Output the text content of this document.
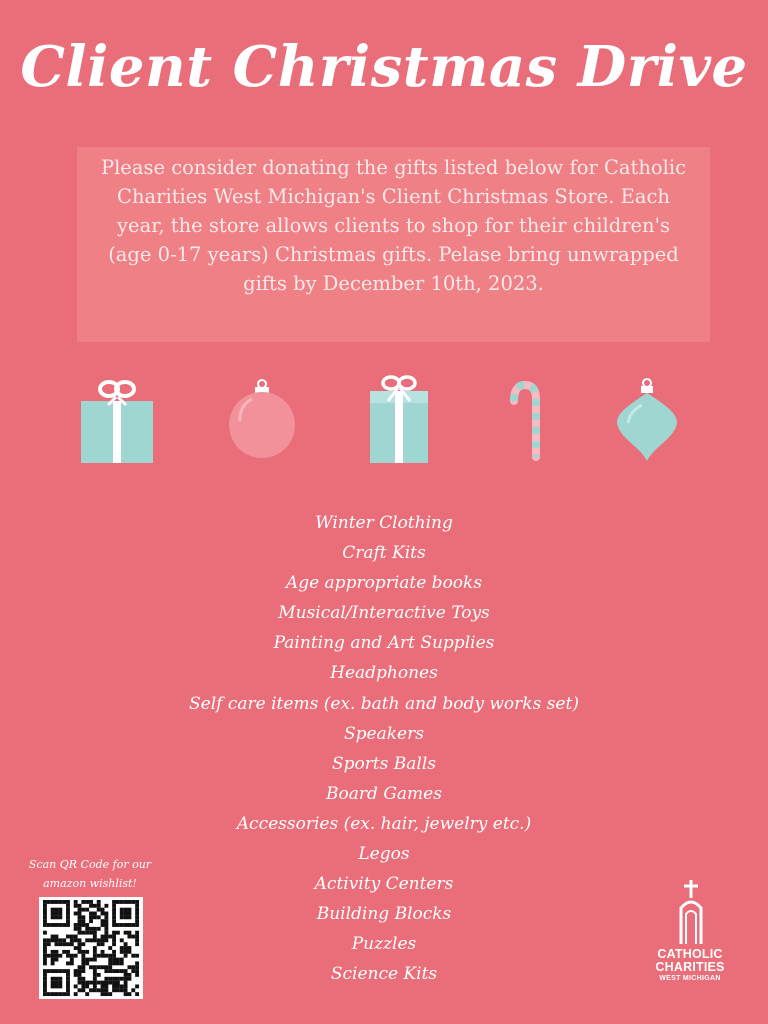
Client Christmas Drive
Please consider donating the gifts listed below for Catholic Charities West Michigan's Client Christmas Store. Each year, the store allows clients to shop for their children's (age 0-17 years) Christmas gifts. Pelase bring unwrapped gifts by December 10th, 2023.
Winter Clothing
Craft Kits
Age appropriate books
Musical/Interactive Toys
Painting and Art Supplies
Headphones
Self care items (ex. bath and body works set)
Speakers
Sports Balls
Board Games
Accessories (ex. hair, jewelry etc.)
Legos
Activity Centers
Building Blocks
Puzzles
Science Kits
Scan QR Code for our
amazon wishlist!
CATHOLIC
CHARITIES
WEST MICHIGAN
